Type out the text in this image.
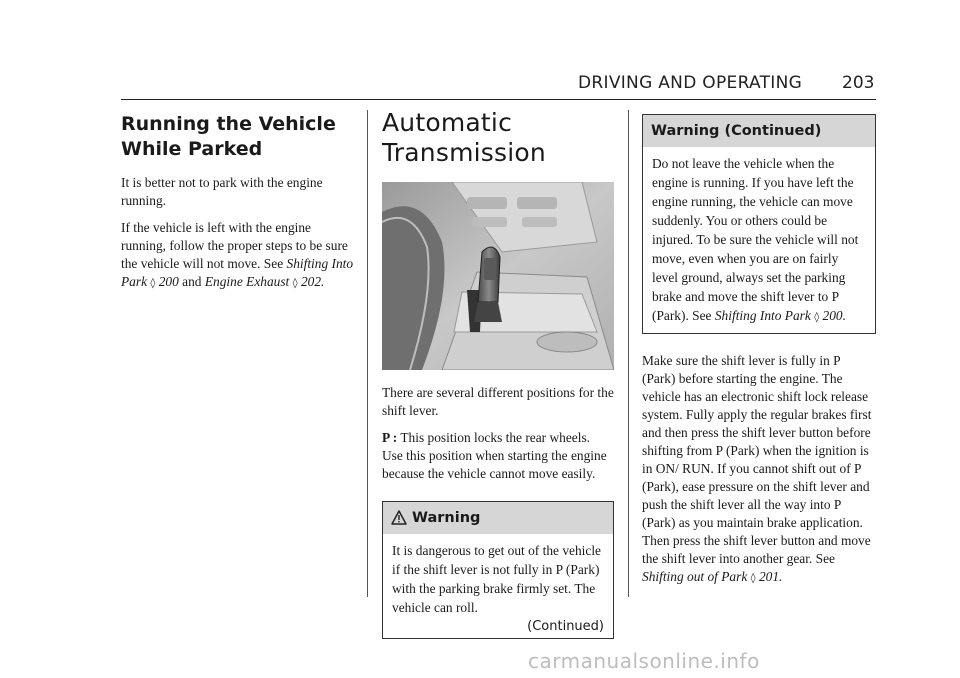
DRIVING AND OPERATING 203
Running the Vehicle While Parked

It is better not to park with the engine running.

If the vehicle is left with the engine running, follow the proper steps to be sure the vehicle will not move. See Shifting Into Park ◊ 200 and Engine Exhaust ◊ 202.

Automatic Transmission

There are several different positions for the shift lever.

P : This position locks the rear wheels. Use this position when starting the engine because the vehicle cannot move easily.

Warning

It is dangerous to get out of the vehicle if the shift lever is not fully in P (Park) with the parking brake firmly set. The vehicle can roll.

(Continued)
Warning (Continued)

Do not leave the vehicle when the engine is running. If you have left the engine running, the vehicle can move suddenly. You or others could be injured. To be sure the vehicle will not move, even when you are on fairly level ground, always set the parking brake and move the shift lever to P (Park). See Shifting Into Park ◊ 200.

Make sure the shift lever is fully in P (Park) before starting the engine. The vehicle has an electronic shift lock release system. Fully apply the regular brakes first and then press the shift lever button before shifting from P (Park) when the ignition is in ON/ RUN. If you cannot shift out of P (Park), ease pressure on the shift lever and push the shift lever all the way into P (Park) as you maintain brake application. Then press the shift lever button and move the shift lever into another gear. See Shifting out of Park ◊ 201.

carmanualsonline.info
